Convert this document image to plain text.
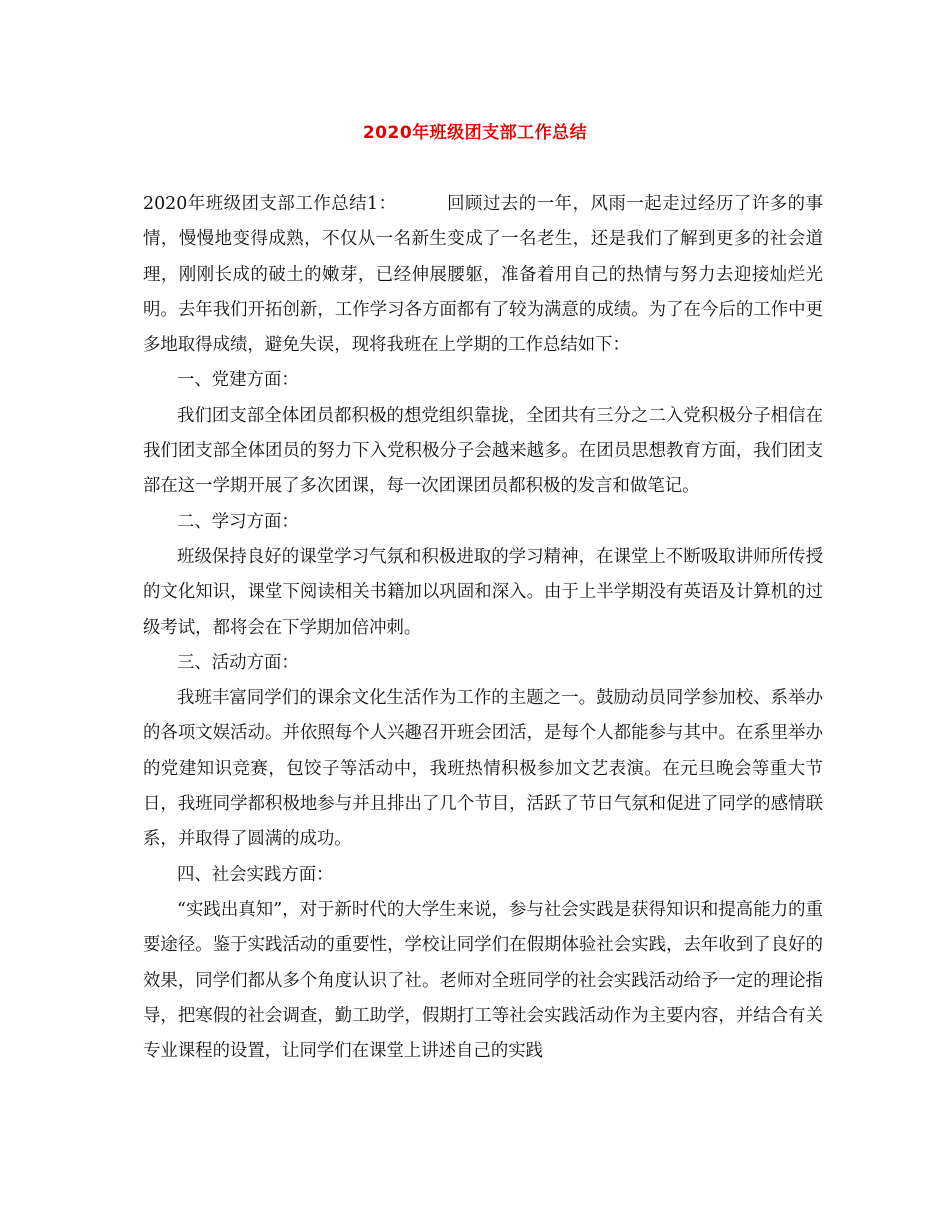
2020年班级团支部工作总结

2020年班级团支部工作总结1：	回顾过去的一年，风雨一起走过经历了许多的事情，慢慢地变得成熟，不仅从一名新生变成了一名老生，还是我们了解到更多的社会道理，刚刚长成的破土的嫩芽，已经伸展腰躯，准备着用自己的热情与努力去迎接灿烂光明。去年我们开拓创新，工作学习各方面都有了较为满意的成绩。为了在今后的工作中更多地取得成绩，避免失误，现将我班在上学期的工作总结如下：

一、党建方面：

我们团支部全体团员都积极的想党组织靠拢，全团共有三分之二入党积极分子相信在我们团支部全体团员的努力下入党积极分子会越来越多。在团员思想教育方面，我们团支部在这一学期开展了多次团课，每一次团课团员都积极的发言和做笔记。

二、学习方面：

班级保持良好的课堂学习气氛和积极进取的学习精神，在课堂上不断吸取讲师所传授的文化知识，课堂下阅读相关书籍加以巩固和深入。由于上半学期没有英语及计算机的过级考试，都将会在下学期加倍冲刺。

三、活动方面：

我班丰富同学们的课余文化生活作为工作的主题之一。鼓励动员同学参加校、系举办的各项文娱活动。并依照每个人兴趣召开班会团活，是每个人都能参与其中。在系里举办的党建知识竞赛，包饺子等活动中，我班热情积极参加文艺表演。在元旦晚会等重大节日，我班同学都积极地参与并且排出了几个节目，活跃了节日气氛和促进了同学的感情联系，并取得了圆满的成功。

四、社会实践方面：

“实践出真知”，对于新时代的大学生来说，参与社会实践是获得知识和提高能力的重要途径。鉴于实践活动的重要性，学校让同学们在假期体验社会实践，去年收到了良好的效果，同学们都从多个角度认识了社。老师对全班同学的社会实践活动给予一定的理论指导，把寒假的社会调查，勤工助学，假期打工等社会实践活动作为主要内容，并结合有关专业课程的设置，让同学们在课堂上讲述自己的实践
